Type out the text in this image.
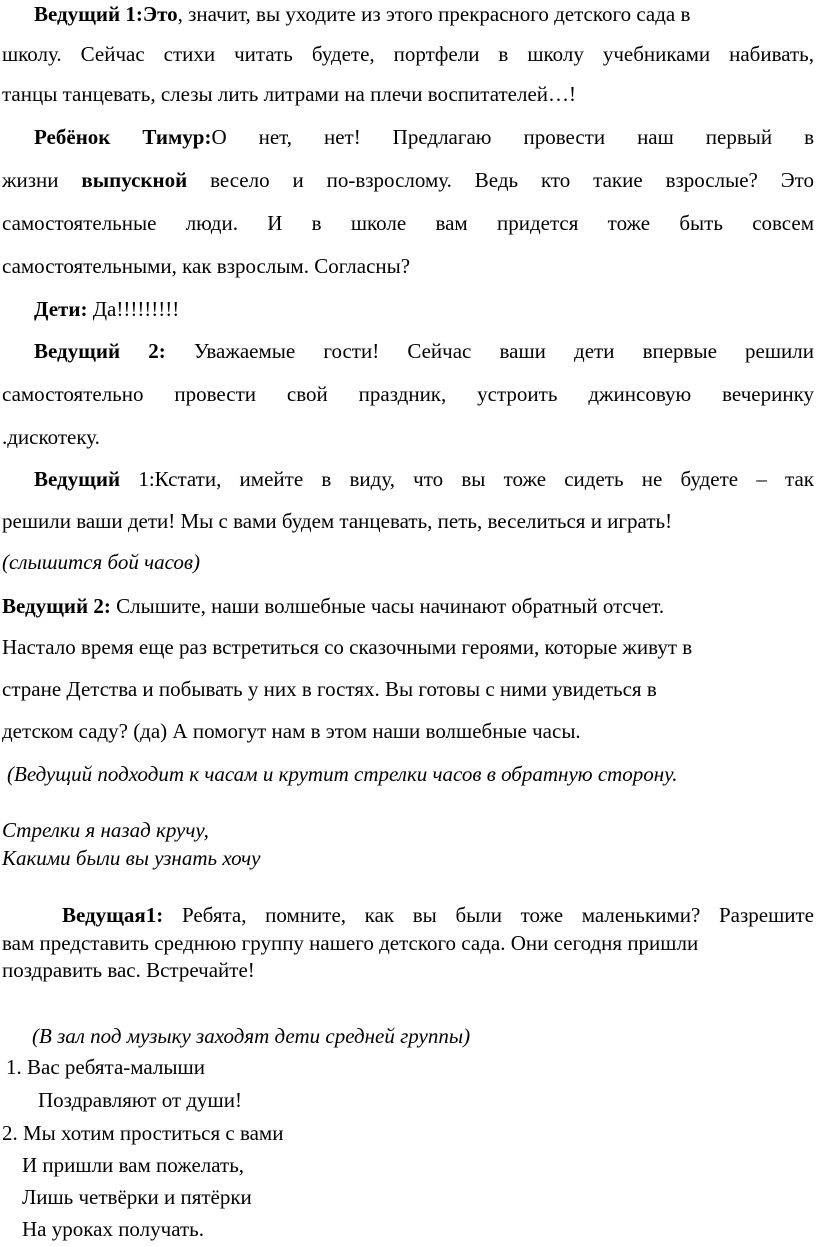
Ведущий 1:Это, значит, вы уходите из этого прекрасного детского сада в
школу. Сейчас стихи читать будете, портфели в школу учебниками набивать,
танцы танцевать, слезы лить литрами на плечи воспитателей…!
Ребёнок Тимур:О нет, нет! Предлагаю провести наш первый в
жизни выпускной весело и по-взрослому. Ведь кто такие взрослые? Это
самостоятельные люди. И в школе вам придется тоже быть совсем
самостоятельными, как взрослым. Согласны?
Дети: Да!!!!!!!!!
Ведущий 2: Уважаемые гости! Сейчас ваши дети впервые решили
самостоятельно провести свой праздник, устроить джинсовую вечеринку
.дискотеку.
Ведущий 1:Кстати, имейте в виду, что вы тоже сидеть не будете – так
решили ваши дети! Мы с вами будем танцевать, петь, веселиться и играть!
(слышится бой часов)
Ведущий 2: Слышите, наши волшебные часы начинают обратный отсчет.
Настало время еще раз встретиться со сказочными героями, которые живут в
стране Детства и побывать у них в гостях. Вы готовы с ними увидеться в
детском саду? (да) А помогут нам в этом наши волшебные часы.
(Ведущий подходит к часам и крутит стрелки часов в обратную сторону.
Стрелки я назад кручу,
Какими были вы узнать хочу
Ведущая1: Ребята, помните, как вы были тоже маленькими? Разрешите
вам представить среднюю группу нашего детского сада. Они сегодня пришли
поздравить вас. Встречайте!
(В зал под музыку заходят дети средней группы)
1. Вас ребята-малыши
Поздравляют от души!
2. Мы хотим проститься с вами
И пришли вам пожелать,
Лишь четвёрки и пятёрки
На уроках получать.
